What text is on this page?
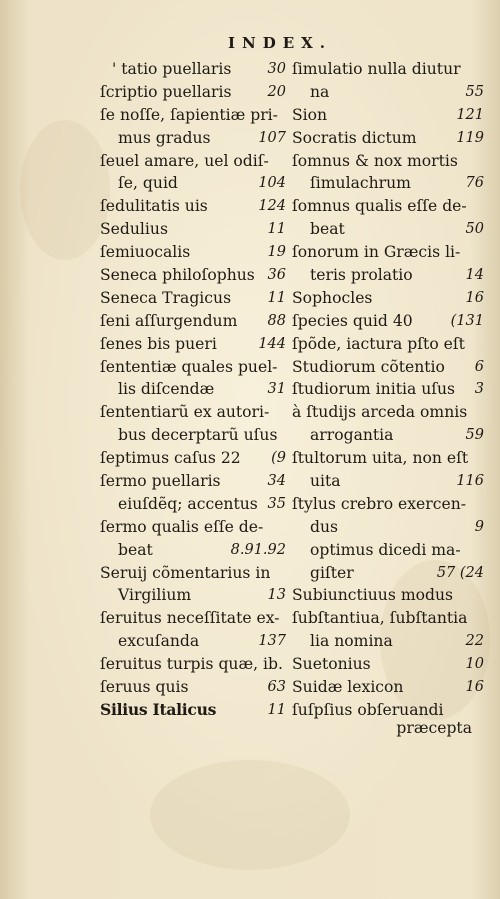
INDEX.
' tatio puellaris 30
ſcriptio puellaris 20
ſe noſſe, ſapientiæ pri-
mus gradus	107
ſeuel amare, uel odiſ-
ſe, quid	104
ſedulitatis uis	124
Sedulius	11
ſemiuocalis	19
Seneca philoſophus 36
Seneca Tragicus	11
ſeni aſſurgendum 88
ſenes bis pueri	144
ſententiæ quales puel-
lis diſcendæ	31
ſententiarũ ex autori-
bus decerptarũ uſus
ſeptimus caſus 22 (9
ſermo puellaris	34
eiuſdẽq; accentus 35
ſermo qualis eſſe de-
beat	8.91.92
Seruij cõmentarius in
Virgilium	13
ſeruitus neceſſitate ex-
excuſanda	137
ſeruitus turpis quæ, ib.
ſeruus quis	63
Silius Italicus	11
ſimulatio nulla diutur
na	55
Sion	121
Socratis dictum	119
ſomnus & nox mortis
ſimulachrum	76
ſomnus qualis eſſe de-
beat	50
ſonorum in Græcis li-
teris prolatio	14
Sophocles	16
ſpecies quid 40	(131
ſpõde, iactura pſto eſt
Studiorum cõtentio 6
ſtudiorum initia uſus 3
à ſtudijs arceda omnis
arrogantia	59
ſtultorum uita, non eſt
uita	116
ſtylus crebro exercen-
dus	9
optimus dicedi ma-
giſter	57 (24
Subiunctiuus modus
ſubſtantiua, ſubſtantia
lia nomina	22
Suetonius	10
Suidæ lexicon	16
ſuſpſius obſeruandi
præcepta
